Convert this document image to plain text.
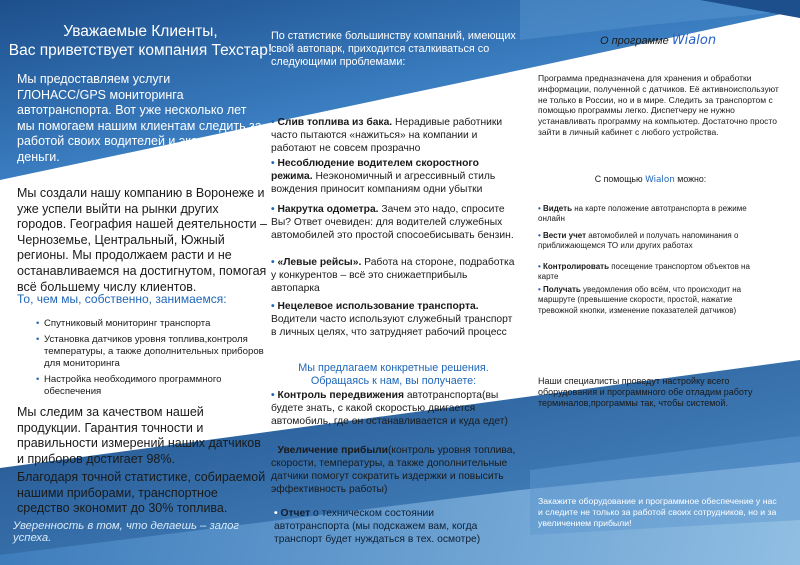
Уважаемые Клиенты,
Вас приветствует компания Техстар!

Мы предоставляем услуги ГЛОНАСС/GPS мониторинга автотранспорта. Вот уже несколько лет мы помогаем нашим клиентам следить за работой своих водителей и экономить деньги.

Мы создали нашу компанию в Воронеже и уже успели выйти на рынки других городов. География нашей деятельности – Черноземье, Центральный, Южный регионы. Мы продолжаем расти и не останавливаемся на достигнутом, помогая всё большему числу клиентов.

То, чем мы, собственно, занимаемся:

• Спутниковый мониторинг транспорта
• Установка датчиков уровня топлива,контроля температуры, а также дополнительных приборов для мониторинга
• Настройка необходимого программного обеспечения

Мы следим за качеством нашей продукции. Гарантия точности и правильности измерений наших датчиков и приборов достигает 98%.

Благодаря точной статистике, собираемой нашими приборами, транспортное средство экономит до 30% топлива.

Уверенность в том, что делаешь – залог успеха.

По статистике большинству компаний, имеющих свой автопарк, приходится сталкиваться со следующими проблемами:

• Слив топлива из бака. Нерадивые работники часто пытаются «нажиться» на компании и работают не совсем прозрачно

• Несоблюдение водителем скоростного режима. Неэкономичный и агрессивный стиль вождения приносит компаниям одни убытки

• Накрутка одометра. Зачем это надо, спросите Вы? Ответ очевиден: для водителей служебных автомобилей это простой спосоебисывать бензин.

• «Левые рейсы». Работа на стороне, подработка у конкурентов – всё это снижаетприбыль автопарка

• Нецелевое использование транспорта. Водители часто используют служебный транспорт в личных целях, что затрудняет рабочий процесс

Мы предлагаем конкретные решения.
Обращаясь к нам, вы получаете:

• Контроль передвижения автотранспорта(вы будете знать, с какой скоростью двигается автомобиль, где он останавливается и куда едет)

• Увеличение прибыли(контроль уровня топлива, скорости, температуры, а также дополнительные датчики помогут сократить издержки и повысить эффективность работы)

• Отчет о техническом состоянии автотранспорта (мы подскажем вам, когда транспорт будет нуждаться в тех. осмотре)

О программе Wialon

Программа предназначена для хранения и обработки информации, полученной с датчиков. Её активноиспользуют не только в России, но и в мире. Следить за транспортом с помощью программы легко. Диспетчеру не нужно устанавливать программу на компьютер. Достаточно просто зайти в личный кабинет с любого устройства.

С помощью Wialon можно:

• Видеть на карте положение автотранспорта в режиме онлайн

• Вести учет автомобилей и получать напоминания о приближающемся ТО или других работах

• Контролировать посещение транспортом объектов на карте

• Получать уведомления обо всём, что происходит на маршруте (превышение скорости, простой, нажатие тревожной кнопки, изменение показателей датчиков)

Наши специалисты проведут настройку всего оборудования и программного обе отладим работу терминалов,программы так, чтобы системой.

Закажите оборудование и программное обеспечение у нас и следите не только за работой своих сотрудников, но и за увеличением прибыли!
